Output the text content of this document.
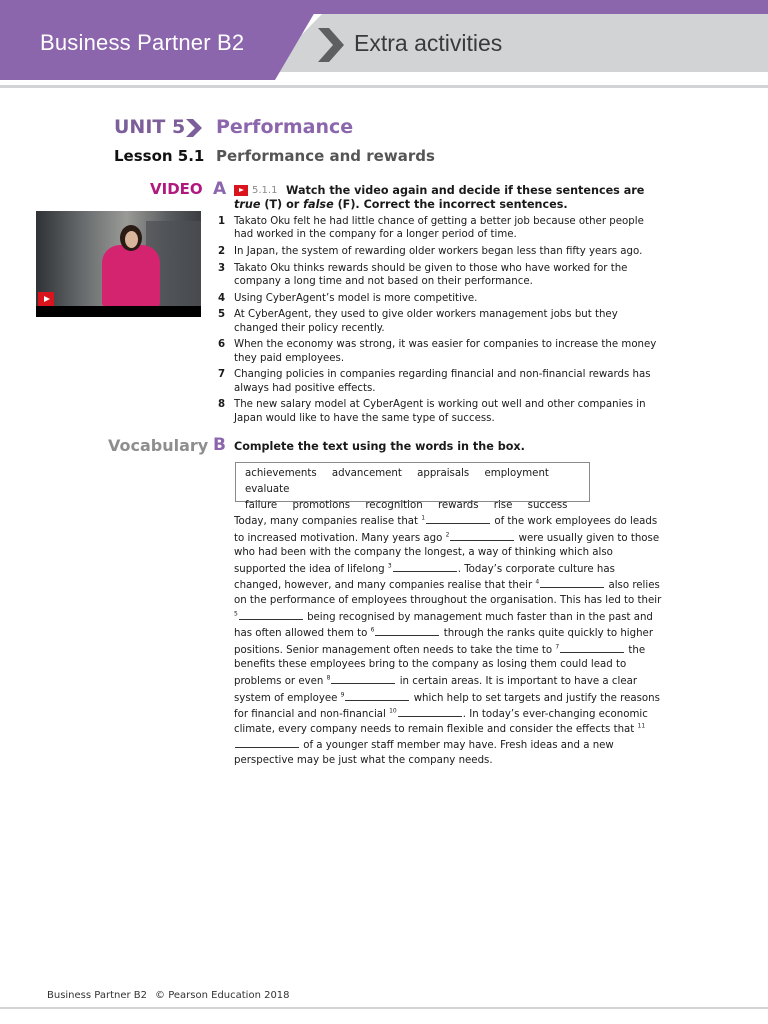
Business Partner B2	Extra activities
UNIT 5 Performance
Lesson 5.1 Performance and rewards
VIDEO A	5.1.1 Watch the video again and decide if these sentences are true (T) or false (F). Correct the incorrect sentences.
1 Takato Oku felt he had little chance of getting a better job because other people had worked in the company for a longer period of time.
2 In Japan, the system of rewarding older workers began less than fifty years ago.
3 Takato Oku thinks rewards should be given to those who have worked for the company a long time and not based on their performance.
4 Using CyberAgent’s model is more competitive.
5 At CyberAgent, they used to give older workers management jobs but they changed their policy recently.
6 When the economy was strong, it was easier for companies to increase the money they paid employees.
7 Changing policies in companies regarding financial and non-financial rewards has always had positive effects.
8 The new salary model at CyberAgent is working out well and other companies in Japan would like to have the same type of success.
Vocabulary B Complete the text using the words in the box.
achievements advancement appraisals employment evaluate
failure promotions recognition rewards rise success
Today, many companies realise that $^1$	of the work employees do leads to increased motivation. Many years ago $^2$	were usually given to those who had been with the company the longest, a way of thinking which also supported the idea of lifelong $^3$	. Today’s corporate culture has changed, however, and many companies realise that their $^4$	also relies on the performance of employees throughout the organisation. This has led to their $^5$	being recognised by management much faster than in the past and has often allowed them to $^6$	through the ranks quite quickly to higher positions. Senior management often needs to take the time to $^7$	the benefits these employees bring to the company as losing them could lead to problems or even $^8$	in certain areas. It is important to have a clear system of employee $^9$	which help to set targets and justify the reasons for financial and non-financial $^{10}$	. In today’s ever-changing economic climate, every company needs to remain flexible and consider the effects that $^{11}$ of a younger staff member may have. Fresh ideas and a new perspective may be just what the company needs.
Business Partner B2 © Pearson Education 2018
